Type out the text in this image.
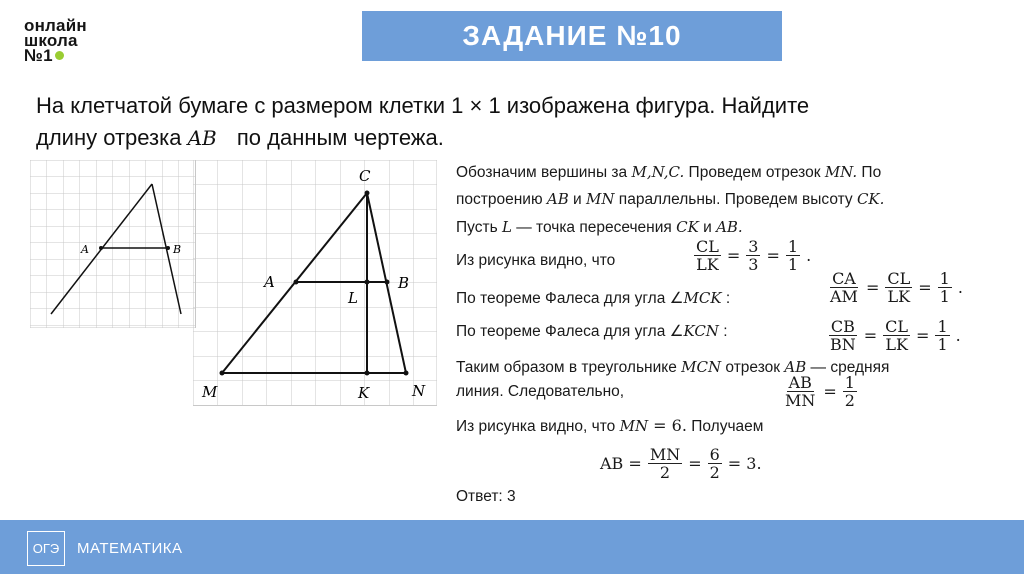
онлайн
школа
№1
ЗАДАНИЕ №10
На клетчатой бумаге с размером клетки 1 × 1 изображена фигура. Найдите
длину отрезка AB по данным чертежа.
A	B
C
A	B
L
M	K	N
Обозначим вершины за M,N,C. Проведем отрезок MN. По
построению AB и MN параллельны. Проведем высоту CK.
Пусть L — точка пересечения CK и AB.
Из рисунка видно, что	$\frac{CL}{LK} = \frac{3}{3} = \frac{1}{1}$ .
По теореме Фалеса для угла ∠MCK :	$\frac{CA}{AM} = \frac{CL}{LK} = \frac{1}{1}$ .
По теореме Фалеса для угла ∠KCN :	$\frac{CB}{BN} = \frac{CL}{LK} = \frac{1}{1}$ .
Таким образом в треугольнике MCN отрезок AB — средняя
линия. Следовательно,	$\frac{AB}{MN} = \frac{1}{2}$
Из рисунка видно, что MN = 6. Получаем
AB = $\frac{MN}{2} = \frac{6}{2} = 3$.
Ответ: 3
ОГЭ МАТЕМАТИКА
